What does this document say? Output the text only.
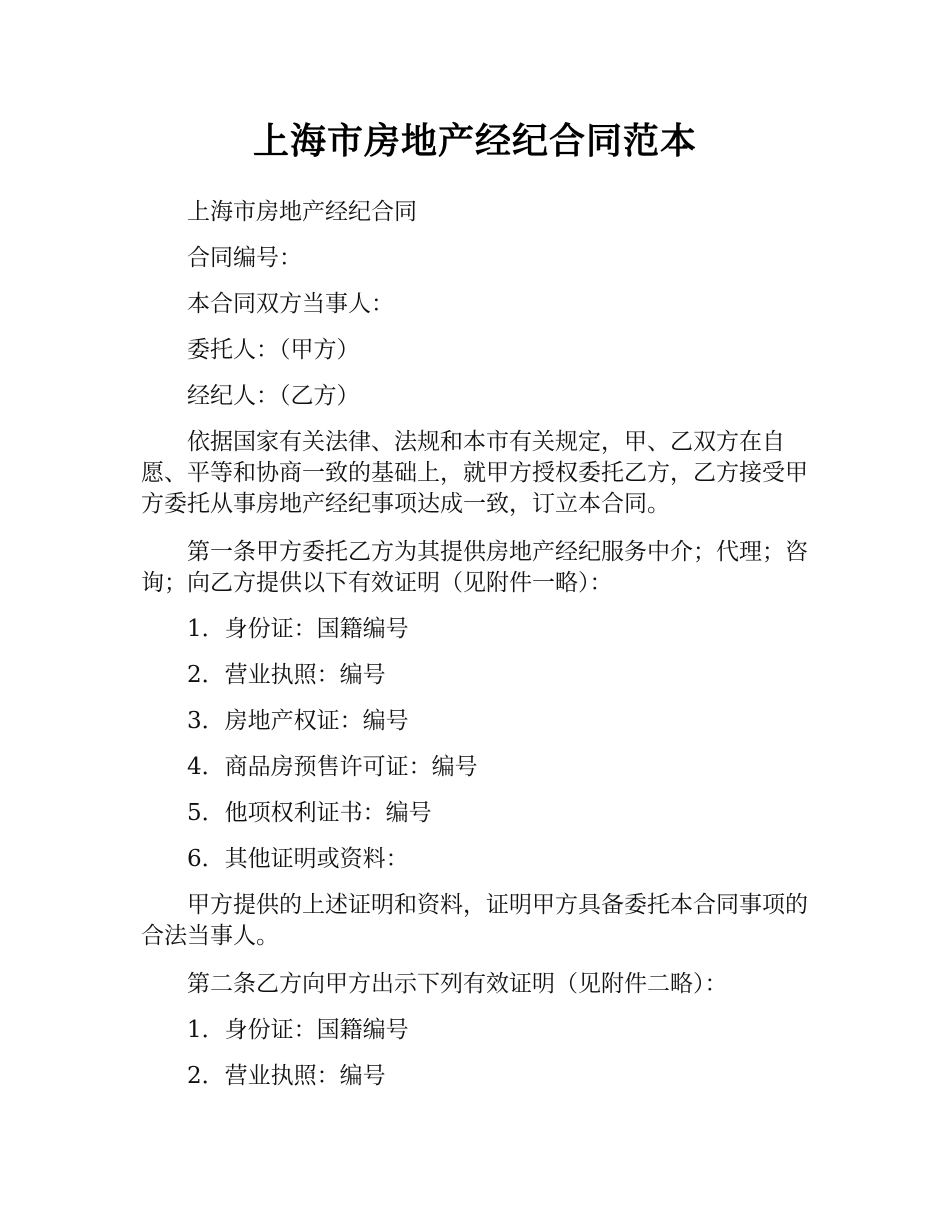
上海市房地产经纪合同范本

上海市房地产经纪合同

合同编号：

本合同双方当事人：

委托人：（甲方）

经纪人：（乙方）

依据国家有关法律、法规和本市有关规定，甲、乙双方在自愿、平等和协商一致的基础上，就甲方授权委托乙方，乙方接受甲方委托从事房地产经纪事项达成一致，订立本合同。

第一条甲方委托乙方为其提供房地产经纪服务中介；代理；咨询；向乙方提供以下有效证明（见附件一略）：

1．身份证：国籍编号

2．营业执照：编号

3．房地产权证：编号

4．商品房预售许可证：编号

5．他项权利证书：编号

6．其他证明或资料：

甲方提供的上述证明和资料，证明甲方具备委托本合同事项的合法当事人。

第二条乙方向甲方出示下列有效证明（见附件二略）：

1．身份证：国籍编号

2．营业执照：编号
